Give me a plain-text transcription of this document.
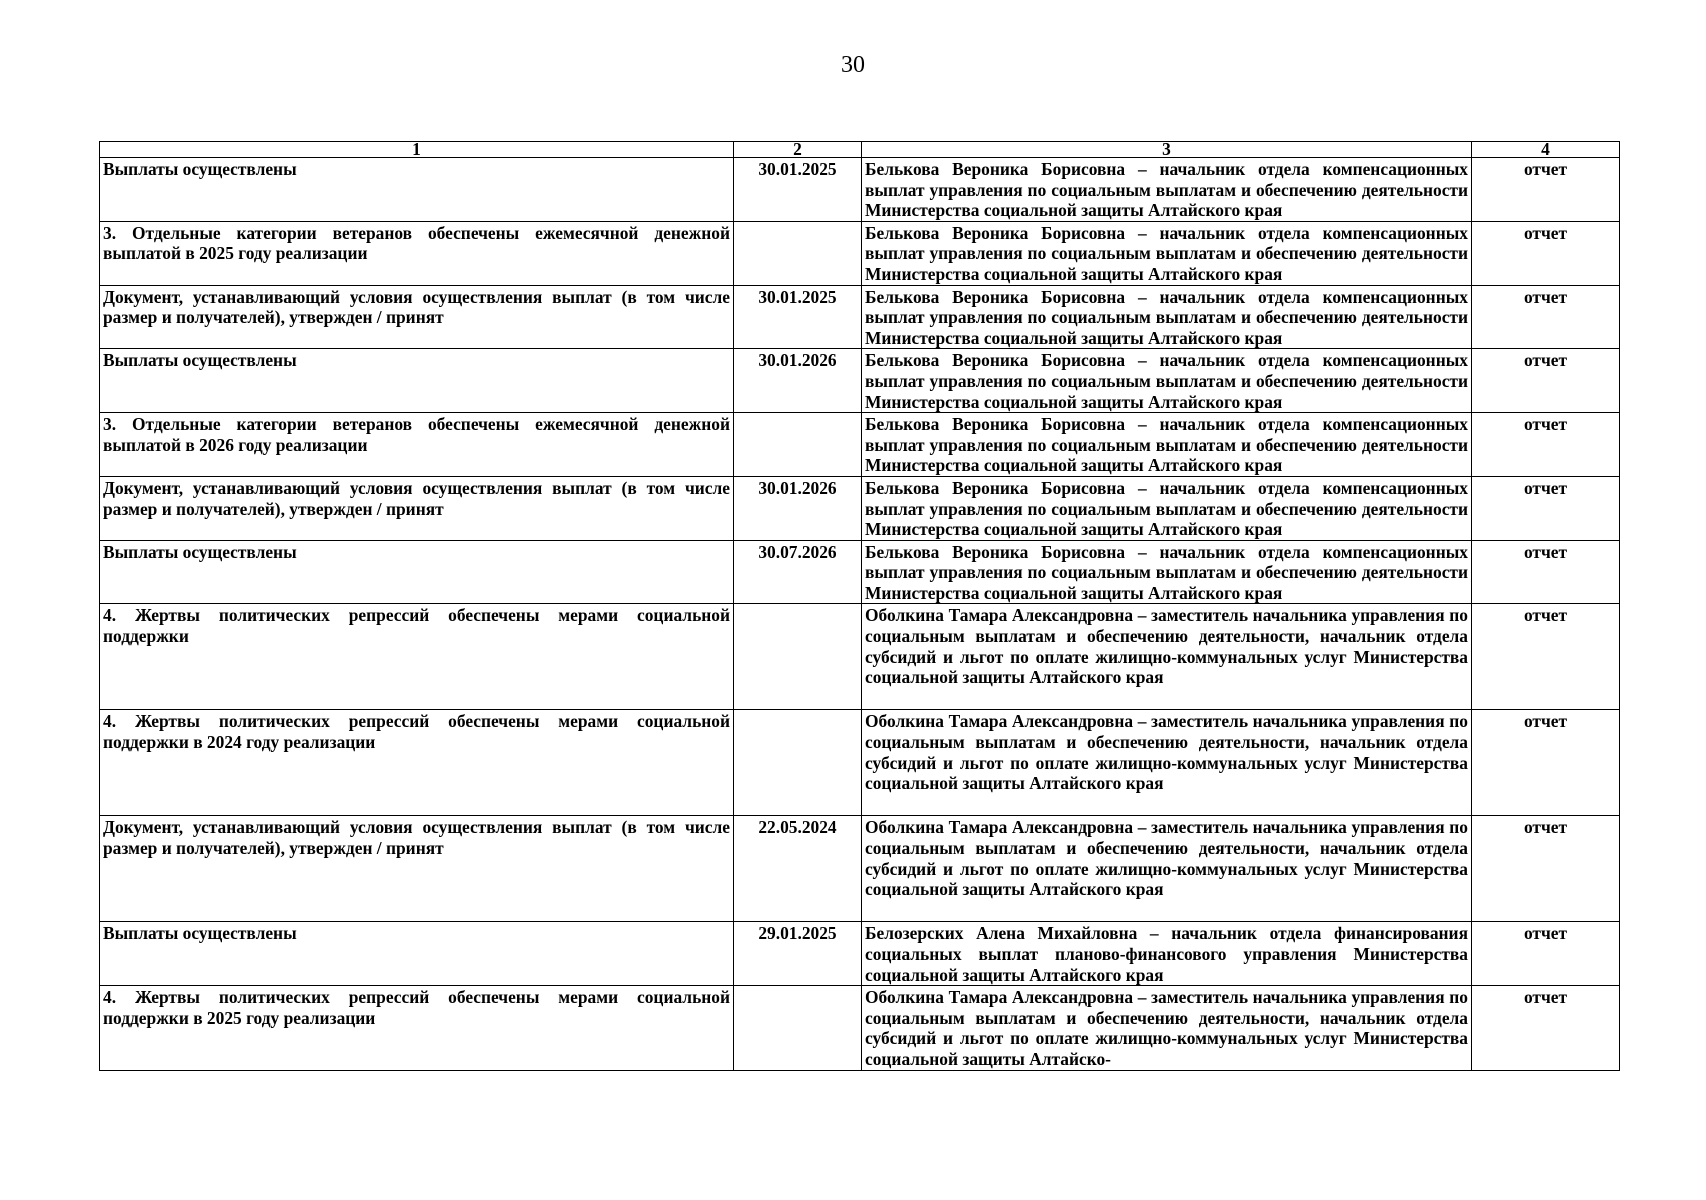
30
1	2	3	4
Выплаты осуществлены	30.01.2025	Белькова Вероника Борисовна – начальник отдела компенсационных выплат управления по социальным выплатам и обеспечению деятельности Министерства социальной защиты Алтайского края	отчет
3. Отдельные категории ветеранов обеспечены ежемесячной денежной выплатой в 2025 году реализации		Белькова Вероника Борисовна – начальник отдела компенсационных выплат управления по социальным выплатам и обеспечению деятельности Министерства социальной защиты Алтайского края	отчет
Документ, устанавливающий условия осуществления выплат (в том числе размер и получателей), утвержден / принят	30.01.2025	Белькова Вероника Борисовна – начальник отдела компенсационных выплат управления по социальным выплатам и обеспечению деятельности Министерства социальной защиты Алтайского края	отчет
Выплаты осуществлены	30.01.2026	Белькова Вероника Борисовна – начальник отдела компенсационных выплат управления по социальным выплатам и обеспечению деятельности Министерства социальной защиты Алтайского края	отчет
3. Отдельные категории ветеранов обеспечены ежемесячной денежной выплатой в 2026 году реализации		Белькова Вероника Борисовна – начальник отдела компенсационных выплат управления по социальным выплатам и обеспечению деятельности Министерства социальной защиты Алтайского края	отчет
Документ, устанавливающий условия осуществления выплат (в том числе размер и получателей), утвержден / принят	30.01.2026	Белькова Вероника Борисовна – начальник отдела компенсационных выплат управления по социальным выплатам и обеспечению деятельности Министерства социальной защиты Алтайского края	отчет
Выплаты осуществлены	30.07.2026	Белькова Вероника Борисовна – начальник отдела компенсационных выплат управления по социальным выплатам и обеспечению деятельности Министерства социальной защиты Алтайского края	отчет
4. Жертвы политических репрессий обеспечены мерами социальной поддержки		Оболкина Тамара Александровна – заместитель начальника управления по социальным выплатам и обеспечению деятельности, начальник отдела субсидий и льгот по оплате жилищно-коммунальных услуг Министерства социальной защиты Алтайского края	отчет
4. Жертвы политических репрессий обеспечены мерами социальной поддержки в 2024 году реализации		Оболкина Тамара Александровна – заместитель начальника управления по социальным выплатам и обеспечению деятельности, начальник отдела субсидий и льгот по оплате жилищно-коммунальных услуг Министерства социальной защиты Алтайского края	отчет
Документ, устанавливающий условия осуществления выплат (в том числе размер и получателей), утвержден / принят	22.05.2024	Оболкина Тамара Александровна – заместитель начальника управления по социальным выплатам и обеспечению деятельности, начальник отдела субсидий и льгот по оплате жилищно-коммунальных услуг Министерства социальной защиты Алтайского края	отчет
Выплаты осуществлены	29.01.2025	Белозерских Алена Михайловна – начальник отдела финансирования социальных выплат планово-финансового управления Министерства социальной защиты Алтайского края	отчет
4. Жертвы политических репрессий обеспечены мерами социальной поддержки в 2025 году реализации		Оболкина Тамара Александровна – заместитель начальника управления по социальным выплатам и обеспечению деятельности, начальник отдела субсидий и льгот по оплате жилищно-коммунальных услуг Министерства социальной защиты Алтайско-	отчет
